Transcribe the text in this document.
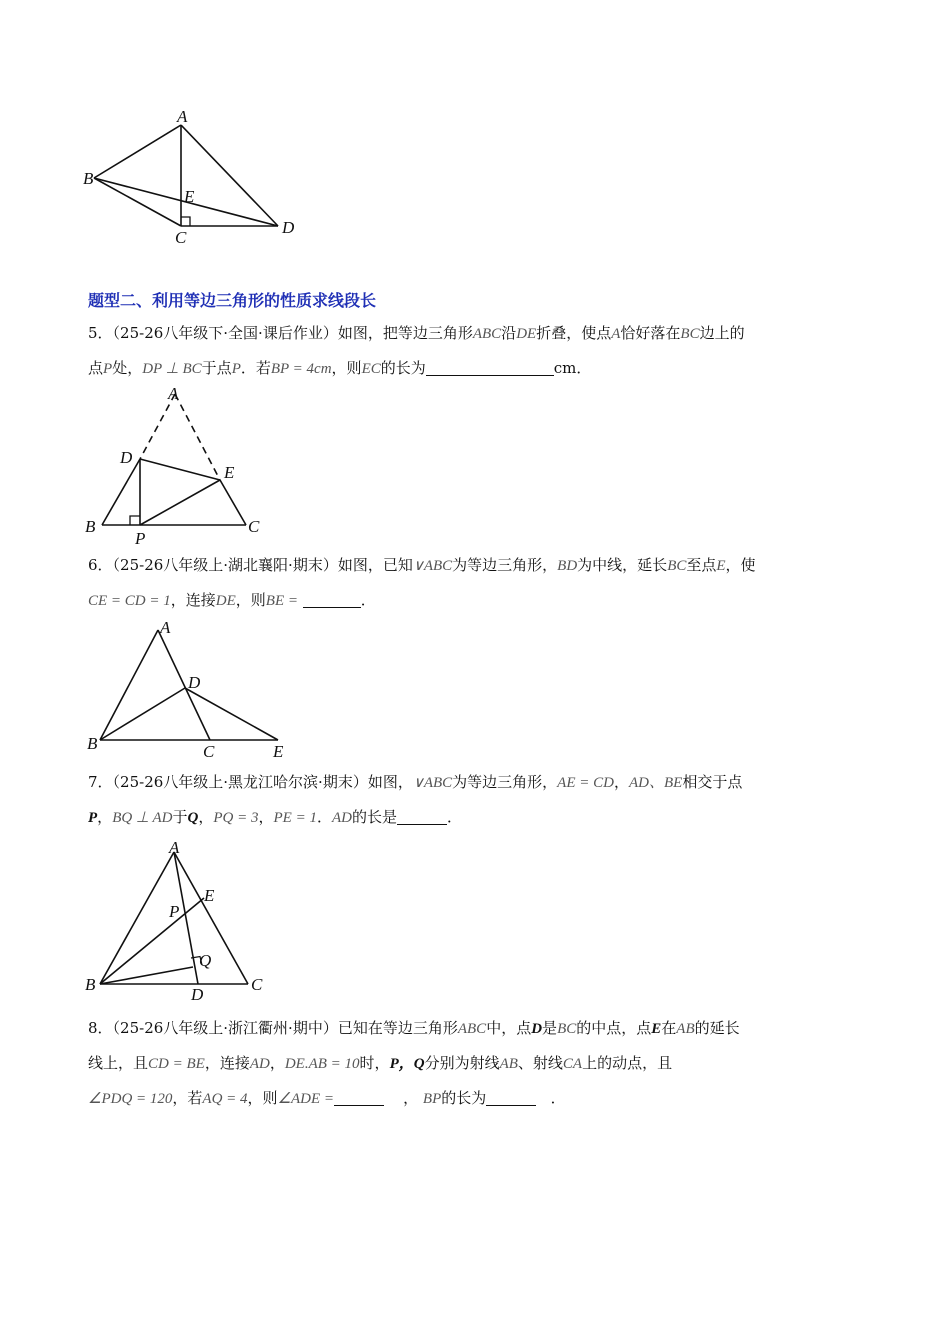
A
B
E
C
D
题型二、利用等边三角形的性质求线段长

5．（25-26八年级下·全国·课后作业）如图，把等边三角形ABC沿DE折叠，使点A恰好落在BC边上的
点P处，DP ⊥ BC于点P．若BP = 4cm，则EC的长为	cm．

A
D
E
B	C
P

6．（25-26八年级上·湖北襄阳·期末）如图，已知∨ABC为等边三角形，BD为中线，延长BC至点E，使
CE = CD = 1，连接DE，则BE =	．

A
D
B	C	E

7．（25-26八年级上·黑龙江哈尔滨·期末）如图，∨ABC为等边三角形，AE = CD，AD、BE相交于点
P，BQ ⊥ AD于Q，PQ = 3，PE = 1．AD的长是	．

A
E
P
Q
B	C
D

8．（25-26八年级上·浙江衢州·期中）已知在等边三角形ABC中，点D是BC的中点，点E在AB的延长
线上，且CD = BE，连接AD，DE.AB = 10时，P，Q分别为射线AB、射线CA上的动点，且
∠PDQ = 120，若AQ = 4，则∠ADE =	， BP的长为	．
